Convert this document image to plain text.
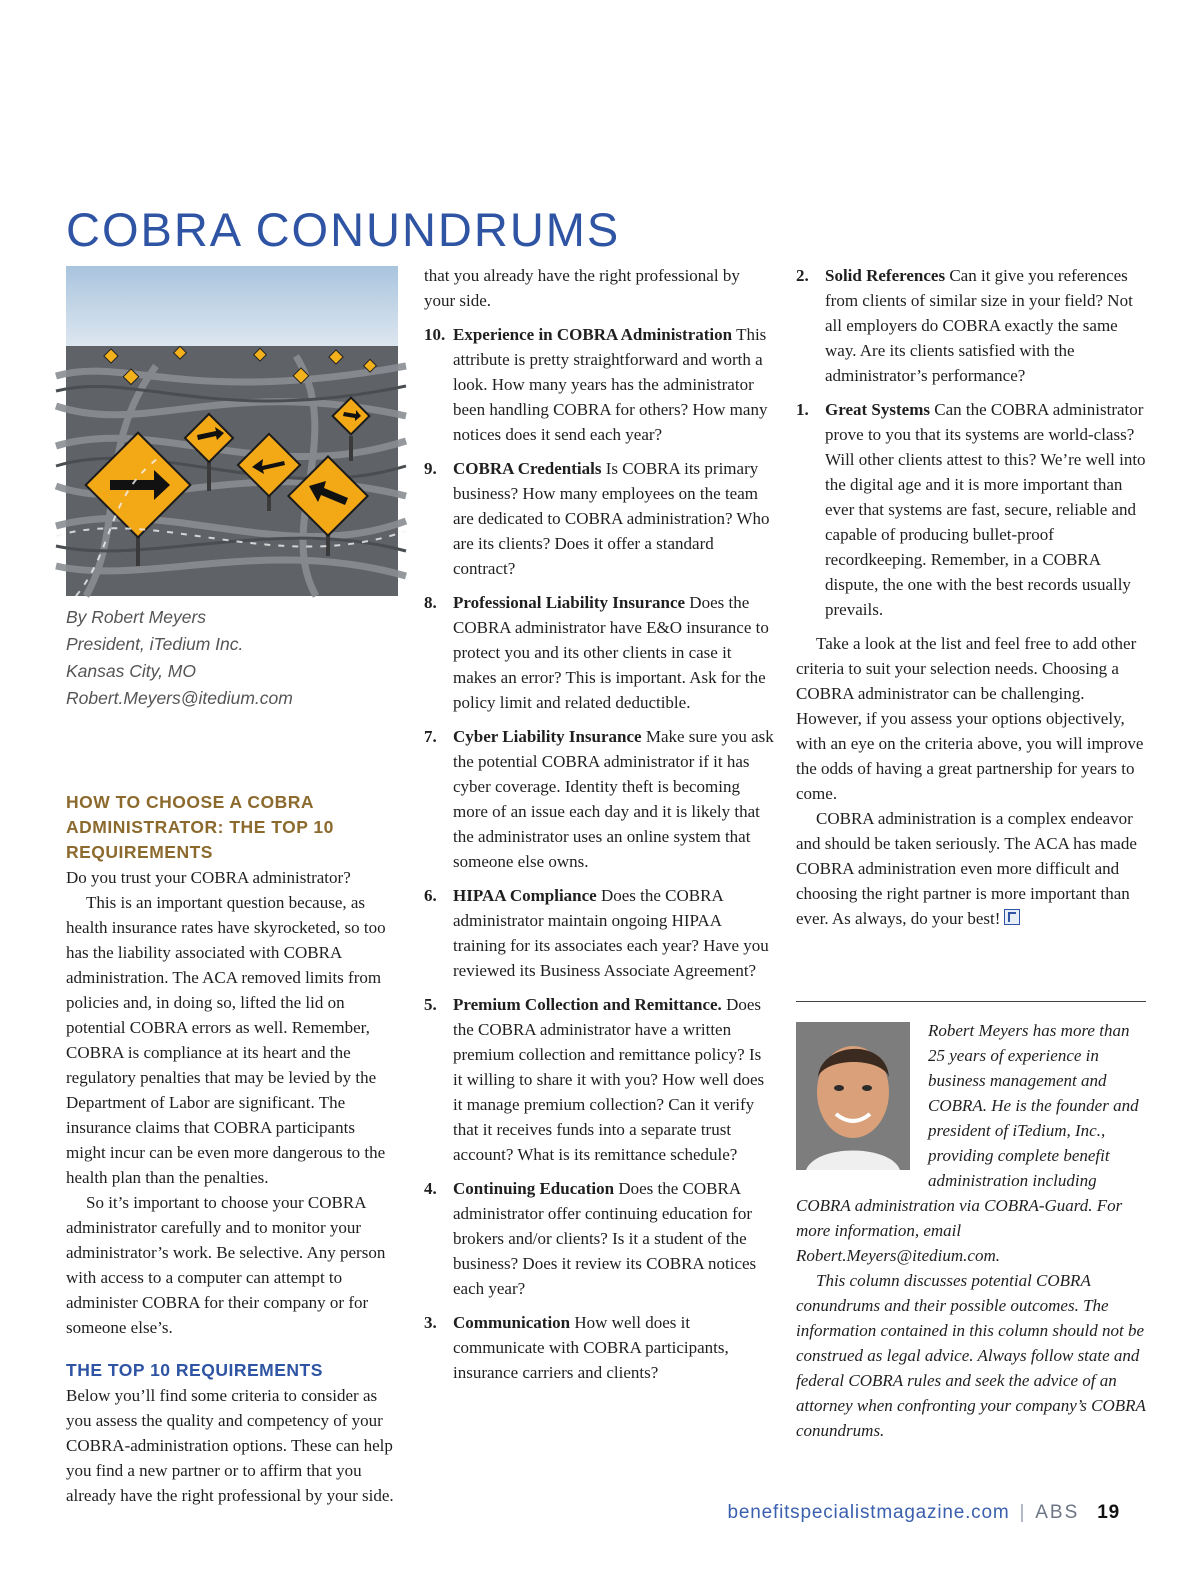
COBRA CONUNDRUMS
By Robert Meyers
President, iTedium Inc.
Kansas City, MO
Robert.Meyers@itedium.com
HOW TO CHOOSE A COBRA ADMINISTRATOR: THE TOP 10 REQUIREMENTS

Do you trust your COBRA administrator?

This is an important question because, as health insurance rates have skyrocketed, so too has the liability associated with COBRA administration. The ACA removed limits from policies and, in doing so, lifted the lid on potential COBRA errors as well. Remember, COBRA is compliance at its heart and the regulatory penalties that may be levied by the Department of Labor are significant. The insurance claims that COBRA participants might incur can be even more dangerous to the health plan than the penalties.

So it’s important to choose your COBRA administrator carefully and to monitor your administrator’s work. Be selective. Any person with access to a computer can attempt to administer COBRA for their company or for someone else’s.

THE TOP 10 REQUIREMENTS

Below you’ll find some criteria to consider as you assess the quality and competency of your COBRA-administration options. These can help you find a new partner or to affirm that you already have the right professional by your side.

that you already have the right professional by your side.

10. Experience in COBRA Administration This attribute is pretty straightforward and worth a look. How many years has the administrator been handling COBRA for others? How many notices does it send each year?
9. COBRA Credentials Is COBRA its primary business? How many employees on the team are dedicated to COBRA administration? Who are its clients? Does it offer a standard contract?
8. Professional Liability Insurance Does the COBRA administrator have E&O insurance to protect you and its other clients in case it makes an error? This is important. Ask for the policy limit and related deductible.
7. Cyber Liability Insurance Make sure you ask the potential COBRA administrator if it has cyber coverage. Identity theft is becoming more of an issue each day and it is likely that the administrator uses an online system that someone else owns.
6. HIPAA Compliance Does the COBRA administrator maintain ongoing HIPAA training for its associates each year? Have you reviewed its Business Associate Agreement?
5. Premium Collection and Remittance. Does the COBRA administrator have a written premium collection and remittance policy? Is it willing to share it with you? How well does it manage premium collection? Can it verify that it receives funds into a separate trust account? What is its remittance schedule?
4. Continuing Education Does the COBRA administrator offer continuing education for brokers and/or clients? Is it a student of the business? Does it review its COBRA notices each year?
3. Communication How well does it communicate with COBRA participants, insurance carriers and clients?
2. Solid References Can it give you references from clients of similar size in your field? Not all employers do COBRA exactly the same way. Are its clients satisfied with the administrator’s performance?
1. Great Systems Can the COBRA administrator prove to you that its systems are world-class? Will other clients attest to this? We’re well into the digital age and it is more important than ever that systems are fast, secure, reliable and capable of producing bullet-proof recordkeeping. Remember, in a COBRA dispute, the one with the best records usually prevails.

Take a look at the list and feel free to add other criteria to suit your selection needs. Choosing a COBRA administrator can be challenging. However, if you assess your options objectively, with an eye on the criteria above, you will improve the odds of having a great partnership for years to come.

COBRA administration is a complex endeavor and should be taken seriously. The ACA has made COBRA administration even more difficult and choosing the right partner is more important than ever. As always, do your best!

Robert Meyers has more than 25 years of experience in business management and COBRA. He is the founder and president of iTedium, Inc., providing complete benefit administration including COBRA administration via COBRA-Guard. For more information, email Robert.Meyers@itedium.com.

This column discusses potential COBRA conundrums and their possible outcomes. The information contained in this column should not be construed as legal advice. Always follow state and federal COBRA rules and seek the advice of an attorney when confronting your company’s COBRA conundrums.

benefitspecialistmagazine.com | ABS 19
